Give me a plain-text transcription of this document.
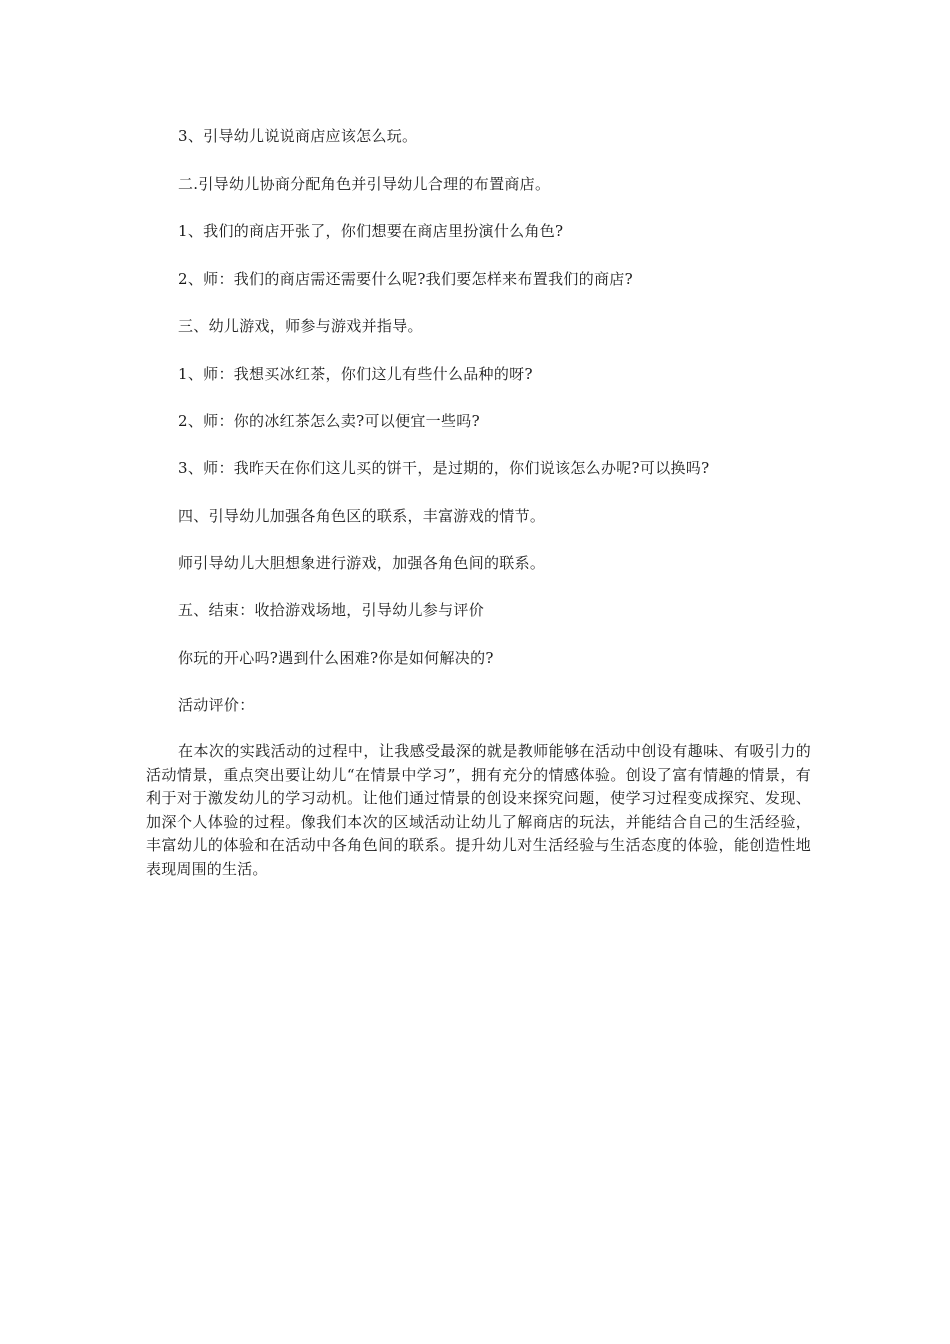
3、引导幼儿说说商店应该怎么玩。
二.引导幼儿协商分配角色并引导幼儿合理的布置商店。
1、我们的商店开张了，你们想要在商店里扮演什么角色?
2、师：我们的商店需还需要什么呢?我们要怎样来布置我们的商店?
三、幼儿游戏，师参与游戏并指导。
1、师：我想买冰红茶，你们这儿有些什么品种的呀?
2、师：你的冰红茶怎么卖?可以便宜一些吗?
3、师：我昨天在你们这儿买的饼干，是过期的，你们说该怎么办呢?可以换吗?
四、引导幼儿加强各角色区的联系，丰富游戏的情节。
师引导幼儿大胆想象进行游戏，加强各角色间的联系。
五、结束：收拾游戏场地，引导幼儿参与评价
你玩的开心吗?遇到什么困难?你是如何解决的?
活动评价：

在本次的实践活动的过程中，让我感受最深的就是教师能够在活动中创设有趣味、有吸引力的活动情景，重点突出要让幼儿“在情景中学习”，拥有充分的情感体验。创设了富有情趣的情景，有利于对于激发幼儿的学习动机。让他们通过情景的创设来探究问题，使学习过程变成探究、发现、加深个人体验的过程。像我们本次的区域活动让幼儿了解商店的玩法，并能结合自己的生活经验，丰富幼儿的体验和在活动中各角色间的联系。提升幼儿对生活经验与生活态度的体验，能创造性地表现周围的生活。
